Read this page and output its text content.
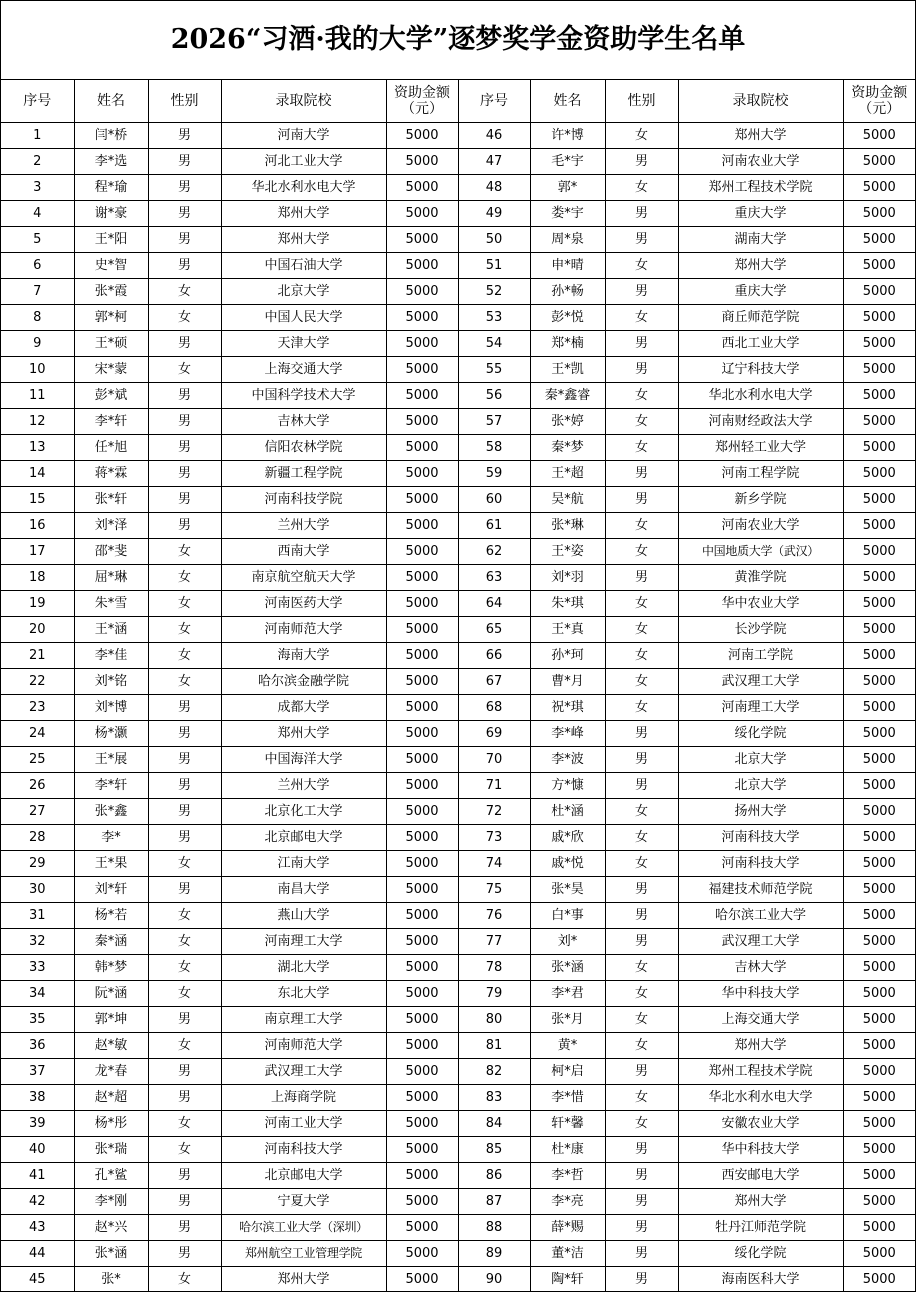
2026“习酒·我的大学”逐梦奖学金资助学生名单
序号	姓名	性别	录取院校	资助金额（元）	序号	姓名	性别	录取院校	资助金额（元）
1	闫*桥	男	河南大学	5000	46	许*博	女	郑州大学	5000
2	李*选	男	河北工业大学	5000	47	毛*宇	男	河南农业大学	5000
3	程*瑜	男	华北水利水电大学	5000	48	郭*	女	郑州工程技术学院	5000
4	谢*豪	男	郑州大学	5000	49	娄*宇	男	重庆大学	5000
5	王*阳	男	郑州大学	5000	50	周*泉	男	湖南大学	5000
6	史*智	男	中国石油大学	5000	51	申*晴	女	郑州大学	5000
7	张*霞	女	北京大学	5000	52	孙*畅	男	重庆大学	5000
8	郭*柯	女	中国人民大学	5000	53	彭*悦	女	商丘师范学院	5000
9	王*硕	男	天津大学	5000	54	郑*楠	男	西北工业大学	5000
10	宋*蒙	女	上海交通大学	5000	55	王*凯	男	辽宁科技大学	5000
11	彭*斌	男	中国科学技术大学	5000	56	秦*鑫睿	女	华北水利水电大学	5000
12	李*轩	男	吉林大学	5000	57	张*婷	女	河南财经政法大学	5000
13	任*旭	男	信阳农林学院	5000	58	秦*梦	女	郑州轻工业大学	5000
14	蒋*霖	男	新疆工程学院	5000	59	王*超	男	河南工程学院	5000
15	张*轩	男	河南科技学院	5000	60	吴*航	男	新乡学院	5000
16	刘*泽	男	兰州大学	5000	61	张*琳	女	河南农业大学	5000
17	邵*斐	女	西南大学	5000	62	王*姿	女	中国地质大学（武汉）	5000
18	屈*琳	女	南京航空航天大学	5000	63	刘*羽	男	黄淮学院	5000
19	朱*雪	女	河南医药大学	5000	64	朱*琪	女	华中农业大学	5000
20	王*涵	女	河南师范大学	5000	65	王*真	女	长沙学院	5000
21	李*佳	女	海南大学	5000	66	孙*珂	女	河南工学院	5000
22	刘*铭	女	哈尔滨金融学院	5000	67	曹*月	女	武汉理工大学	5000
23	刘*博	男	成都大学	5000	68	祝*琪	女	河南理工大学	5000
24	杨*灏	男	郑州大学	5000	69	李*峰	男	绥化学院	5000
25	王*展	男	中国海洋大学	5000	70	李*波	男	北京大学	5000
26	李*轩	男	兰州大学	5000	71	方*慷	男	北京大学	5000
27	张*鑫	男	北京化工大学	5000	72	杜*涵	女	扬州大学	5000
28	李*	男	北京邮电大学	5000	73	戚*欣	女	河南科技大学	5000
29	王*果	女	江南大学	5000	74	戚*悦	女	河南科技大学	5000
30	刘*轩	男	南昌大学	5000	75	张*昊	男	福建技术师范学院	5000
31	杨*若	女	燕山大学	5000	76	白*事	男	哈尔滨工业大学	5000
32	秦*涵	女	河南理工大学	5000	77	刘*	男	武汉理工大学	5000
33	韩*梦	女	湖北大学	5000	78	张*涵	女	吉林大学	5000
34	阮*涵	女	东北大学	5000	79	李*君	女	华中科技大学	5000
35	郭*坤	男	南京理工大学	5000	80	张*月	女	上海交通大学	5000
36	赵*敏	女	河南师范大学	5000	81	黄*	女	郑州大学	5000
37	龙*春	男	武汉理工大学	5000	82	柯*启	男	郑州工程技术学院	5000
38	赵*超	男	上海商学院	5000	83	李*惜	女	华北水利水电大学	5000
39	杨*彤	女	河南工业大学	5000	84	轩*馨	女	安徽农业大学	5000
40	张*瑞	女	河南科技大学	5000	85	杜*康	男	华中科技大学	5000
41	孔*鲨	男	北京邮电大学	5000	86	李*哲	男	西安邮电大学	5000
42	李*刚	男	宁夏大学	5000	87	李*亮	男	郑州大学	5000
43	赵*兴	男	哈尔滨工业大学（深圳）	5000	88	薛*赐	男	牡丹江师范学院	5000
44	张*涵	男	郑州航空工业管理学院	5000	89	董*洁	男	绥化学院	5000
45	张*	女	郑州大学	5000	90	陶*轩	男	海南医科大学	5000
